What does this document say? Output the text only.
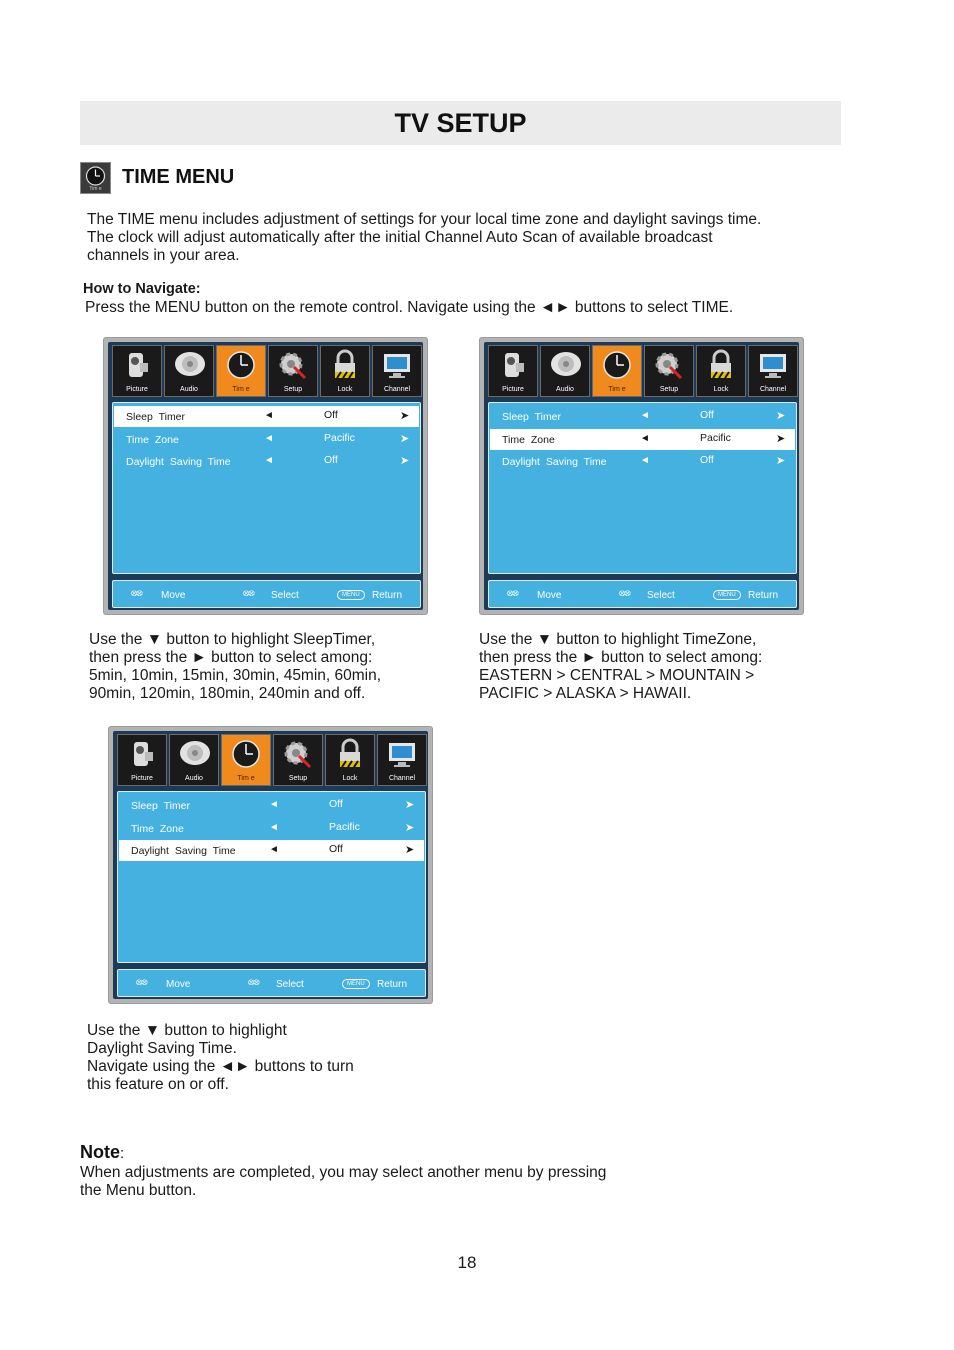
TV SETUP
Tim e
TIME MENU
The TIME menu includes adjustment of settings for your local time zone and daylight savings time.
The clock will adjust automatically after the initial Channel Auto Scan of available broadcast
channels in your area.
How to Navigate:
Press the MENU button on the remote control. Navigate using the ◄► buttons to select TIME.
Picture	Audio	Tim e	Setup	Lock	Channel
Sleep Timer	◄	Off	➤
Time Zone	◄	Pacific	➤
Daylight Saving Time	◄	Off	➤
⭙⭙ Move	⭙⭙ Select	MENU	Return
Picture	Audio	Tim e	Setup	Lock	Channel
Sleep Timer	◄	Off	➤
Time Zone	◄	Pacific	➤
Daylight Saving Time	◄	Off	➤
⭙⭙ Move	⭙⭙ Select	MENU	Return
Use the ▼ button to highlight SleepTimer,
then press the ► button to select among:
5min, 10min, 15min, 30min, 45min, 60min,
90min, 120min, 180min, 240min and off.
Use the ▼ button to highlight TimeZone,
then press the ► button to select among:
EASTERN > CENTRAL > MOUNTAIN >
PACIFIC > ALASKA > HAWAII.
Picture	Audio	Tim e	Setup	Lock	Channel
Sleep Timer	◄	Off	➤
Time Zone	◄	Pacific	➤
Daylight Saving Time	◄	Off	➤
⭙⭙ Move	⭙⭙ Select	MENU	Return
Use the ▼ button to highlight
Daylight Saving Time.
Navigate using the ◄► buttons to turn
this feature on or off.
Note:
When adjustments are completed, you may select another menu by pressing
the Menu button.
18
